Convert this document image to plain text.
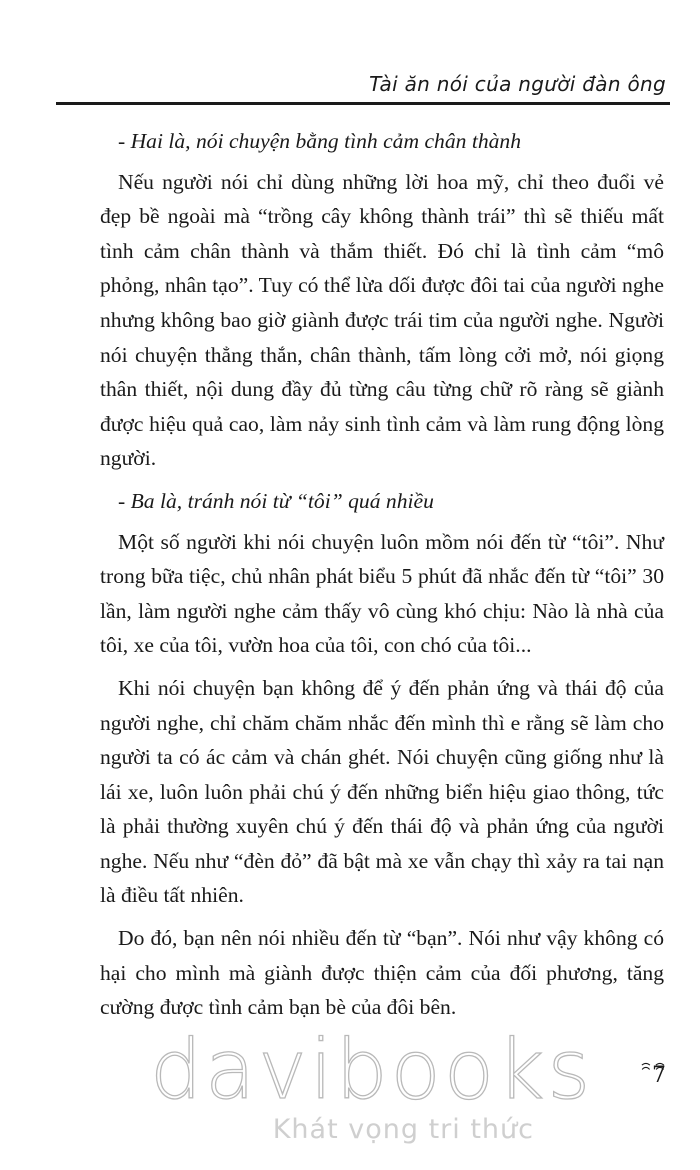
Tài ăn nói của người đàn ông

- Hai là, nói chuyện bằng tình cảm chân thành

Nếu người nói chỉ dùng những lời hoa mỹ, chỉ theo đuổi vẻ đẹp bề ngoài mà “trồng cây không thành trái” thì sẽ thiếu mất tình cảm chân thành và thắm thiết. Đó chỉ là tình cảm “mô phỏng, nhân tạo”. Tuy có thể lừa dối được đôi tai của người nghe nhưng không bao giờ giành được trái tim của người nghe. Người nói chuyện thẳng thắn, chân thành, tấm lòng cởi mở, nói giọng thân thiết, nội dung đầy đủ từng câu từng chữ rõ ràng sẽ giành được hiệu quả cao, làm nảy sinh tình cảm và làm rung động lòng người.

- Ba là, tránh nói từ “tôi” quá nhiều

Một số người khi nói chuyện luôn mồm nói đến từ “tôi”. Như trong bữa tiệc, chủ nhân phát biểu 5 phút đã nhắc đến từ “tôi” 30 lần, làm người nghe cảm thấy vô cùng khó chịu: Nào là nhà của tôi, xe của tôi, vườn hoa của tôi, con chó của tôi...

Khi nói chuyện bạn không để ý đến phản ứng và thái độ của người nghe, chỉ chăm chăm nhắc đến mình thì e rằng sẽ làm cho người ta có ác cảm và chán ghét. Nói chuyện cũng giống như là lái xe, luôn luôn phải chú ý đến những biển hiệu giao thông, tức là phải thường xuyên chú ý đến thái độ và phản ứng của người nghe. Nếu như “đèn đỏ” đã bật mà xe vẫn chạy thì xảy ra tai nạn là điều tất nhiên.

Do đó, bạn nên nói nhiều đến từ “bạn”. Nói như vậy không có hại cho mình mà giành được thiện cảm của đối phương, tăng cường được tình cảm bạn bè của đôi bên.

ꩰ7ꩰ
davibooks
Khát vọng tri thức
